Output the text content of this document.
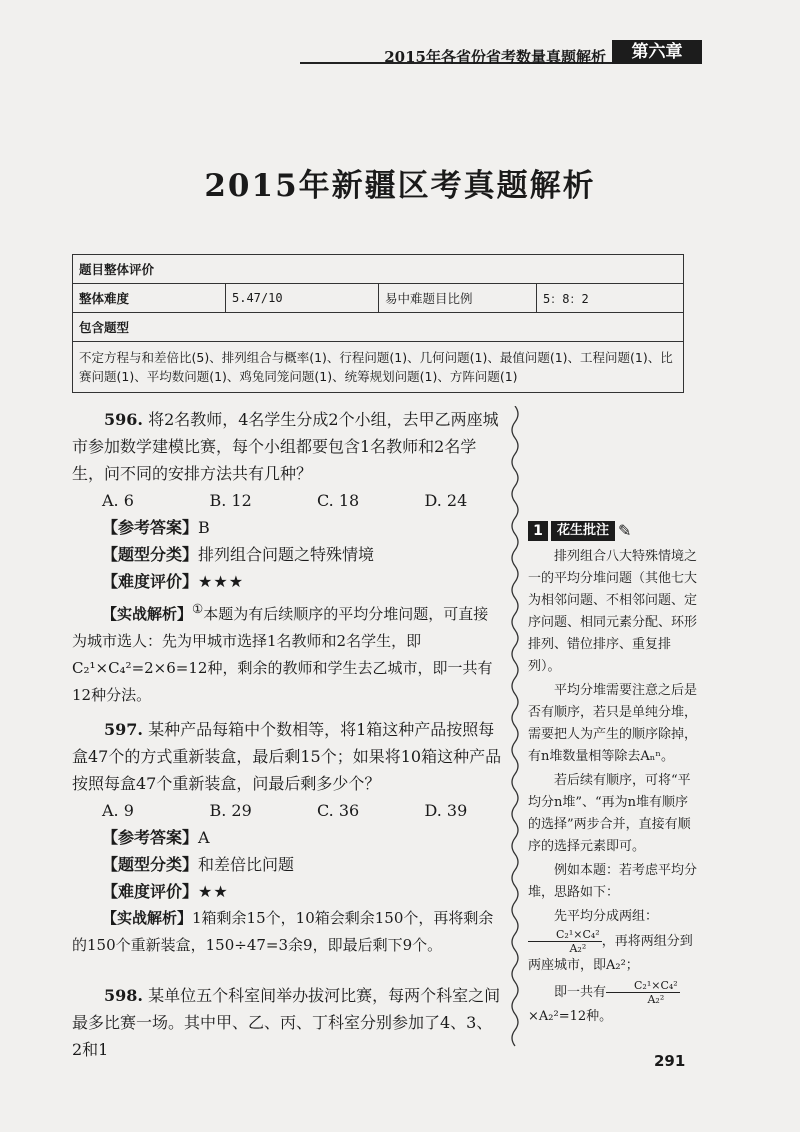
2015年各省份省考数量真题解析	第六章
2015年新疆区考真题解析
题目整体评价
整体难度	5.47/10	易中难题目比例	5：8：2
包含题型
不定方程与和差倍比(5)、排列组合与概率(1)、行程问题(1)、几何问题(1)、最值问题(1)、工程问题(1)、比赛问题(1)、平均数问题(1)、鸡兔同笼问题(1)、统筹规划问题(1)、方阵问题(1)

596. 将2名教师，4名学生分成2个小组，去甲乙两座城市参加数学建模比赛，每个小组都要包含1名教师和2名学生，问不同的安排方法共有几种？

A. 6	B. 12	C. 18	D. 24

【参考答案】B

【题型分类】排列组合问题之特殊情境

【难度评价】★★★

【实战解析】①本题为有后续顺序的平均分堆问题，可直接为城市选人：先为甲城市选择1名教师和2名学生，即C₂¹×C₄²=2×6=12种，剩余的教师和学生去乙城市，即一共有12种分法。

597. 某种产品每箱中个数相等，将1箱这种产品按照每盒47个的方式重新装盒，最后剩15个；如果将10箱这种产品按照每盒47个重新装盒，问最后剩多少个？

A. 9	B. 29	C. 36	D. 39

【参考答案】A

【题型分类】和差倍比问题

【难度评价】★★

【实战解析】1箱剩余15个，10箱会剩余150个，再将剩余的150个重新装盒，150÷47=3余9，即最后剩下9个。

598. 某单位五个科室间举办拔河比赛，每两个科室之间最多比赛一场。其中甲、乙、丙、丁科室分别参加了4、3、2和1

1	花生批注 ✎

排列组合八大特殊情境之一的平均分堆问题（其他七大为相邻问题、不相邻问题、定序问题、相同元素分配、环形排列、错位排序、重复排列）。

平均分堆需要注意之后是否有顺序，若只是单纯分堆，需要把人为产生的顺序除掉，有n堆数量相等除去Aₙⁿ。

若后续有顺序，可将“平均分n堆”、“再为n堆有顺序的选择”两步合并，直接有顺序的选择元素即可。

例如本题：若考虑平均分堆，思路如下：

先平均分成两组：

$\frac{\text{C₂¹×C₄²}}{\text{A₂²}}$ ，再将两组分到两座城市，即A₂²；

即一共有 $\frac{\text{C₂¹×C₄²}}{\text{A₂²}}$
×A₂²=12种。

291
